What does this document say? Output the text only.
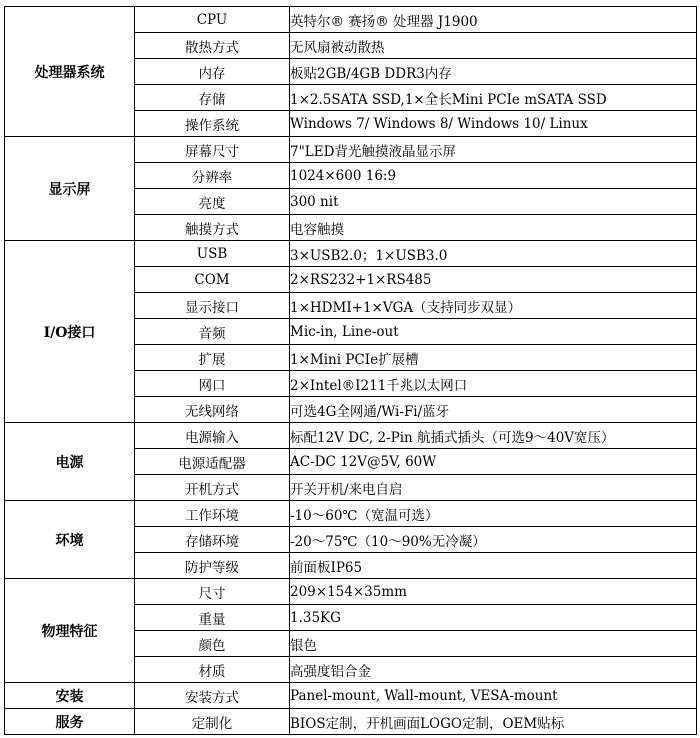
处理器系统	CPU	英特尔® 赛扬® 处理器 J1900
	散热方式	无风扇被动散热
	内存	板贴2GB/4GB DDR3内存
	存储	1×2.5SATA SSD,1×全长Mini PCIe mSATA SSD
	操作系统	Windows 7/ Windows 8/ Windows 10/ Linux
显示屏	屏幕尺寸	7"LED背光触摸液晶显示屏
	分辨率	1024×600 16:9
	亮度	300 nit
	触摸方式	电容触摸
I/O接口	USB	3×USB2.0；1×USB3.0
	COM	2×RS232+1×RS485
	显示接口	1×HDMI+1×VGA（支持同步双显）
	音频	Mic-in, Line-out
	扩展	1×Mini PCIe扩展槽
	网口	2×Intel®I211千兆以太网口
	无线网络	可选4G全网通/Wi-Fi/蓝牙
电源	电源输入	标配12V DC, 2-Pin 航插式插头（可选9～40V宽压）
	电源适配器	AC-DC 12V@5V, 60W
	开机方式	开关开机/来电自启
环境	工作环境	-10～60℃（宽温可选）
	存储环境	-20～75℃（10～90%无冷凝）
	防护等级	前面板IP65
物理特征	尺寸	209×154×35mm
	重量	1.35KG
	颜色	银色
	材质	高强度铝合金
安装	安装方式	Panel-mount, Wall-mount, VESA-mount
服务	定制化	BIOS定制，开机画面LOGO定制，OEM贴标
